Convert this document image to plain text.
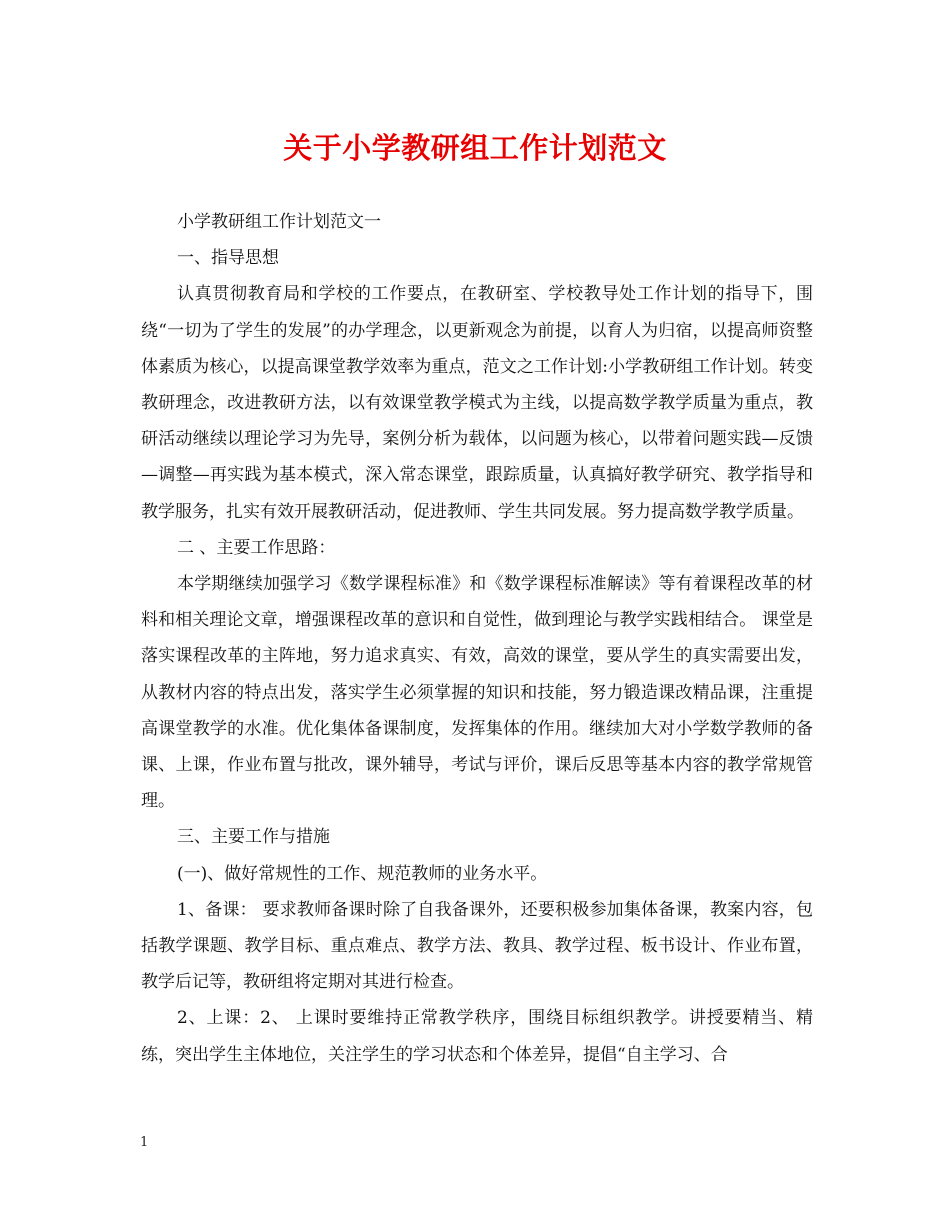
关于小学教研组工作计划范文

小学教研组工作计划范文一

一、指导思想

认真贯彻教育局和学校的工作要点，在教研室、学校教导处工作计划的指导下，围绕“一切为了学生的发展”的办学理念，以更新观念为前提，以育人为归宿，以提高师资整体素质为核心，以提高课堂教学效率为重点，范文之工作计划:小学教研组工作计划。转变教研理念，改进教研方法，以有效课堂教学模式为主线，以提高数学教学质量为重点，教研活动继续以理论学习为先导，案例分析为载体，以问题为核心，以带着问题实践—反馈—调整—再实践为基本模式，深入常态课堂，跟踪质量，认真搞好教学研究、教学指导和教学服务，扎实有效开展教研活动，促进教师、学生共同发展。努力提高数学教学质量。

二 、主要工作思路：

本学期继续加强学习《数学课程标准》和《数学课程标准解读》等有着课程改革的材料和相关理论文章，增强课程改革的意识和自觉性，做到理论与教学实践相结合。 课堂是落实课程改革的主阵地，努力追求真实、有效，高效的课堂，要从学生的真实需要出发，从教材内容的特点出发，落实学生必须掌握的知识和技能，努力锻造课改精品课，注重提高课堂教学的水准。优化集体备课制度，发挥集体的作用。继续加大对小学数学教师的备课、上课，作业布置与批改，课外辅导，考试与评价，课后反思等基本内容的教学常规管理。

三、主要工作与措施

(一)、做好常规性的工作、规范教师的业务水平。

1、备课： 要求教师备课时除了自我备课外，还要积极参加集体备课，教案内容，包括教学课题、教学目标、重点难点、教学方法、教具、教学过程、板书设计、作业布置，教学后记等，教研组将定期对其进行检查。

2、上课：2、 上课时要维持正常教学秩序，围绕目标组织教学。讲授要精当、精练，突出学生主体地位，关注学生的学习状态和个体差异，提倡“自主学习、合

1
